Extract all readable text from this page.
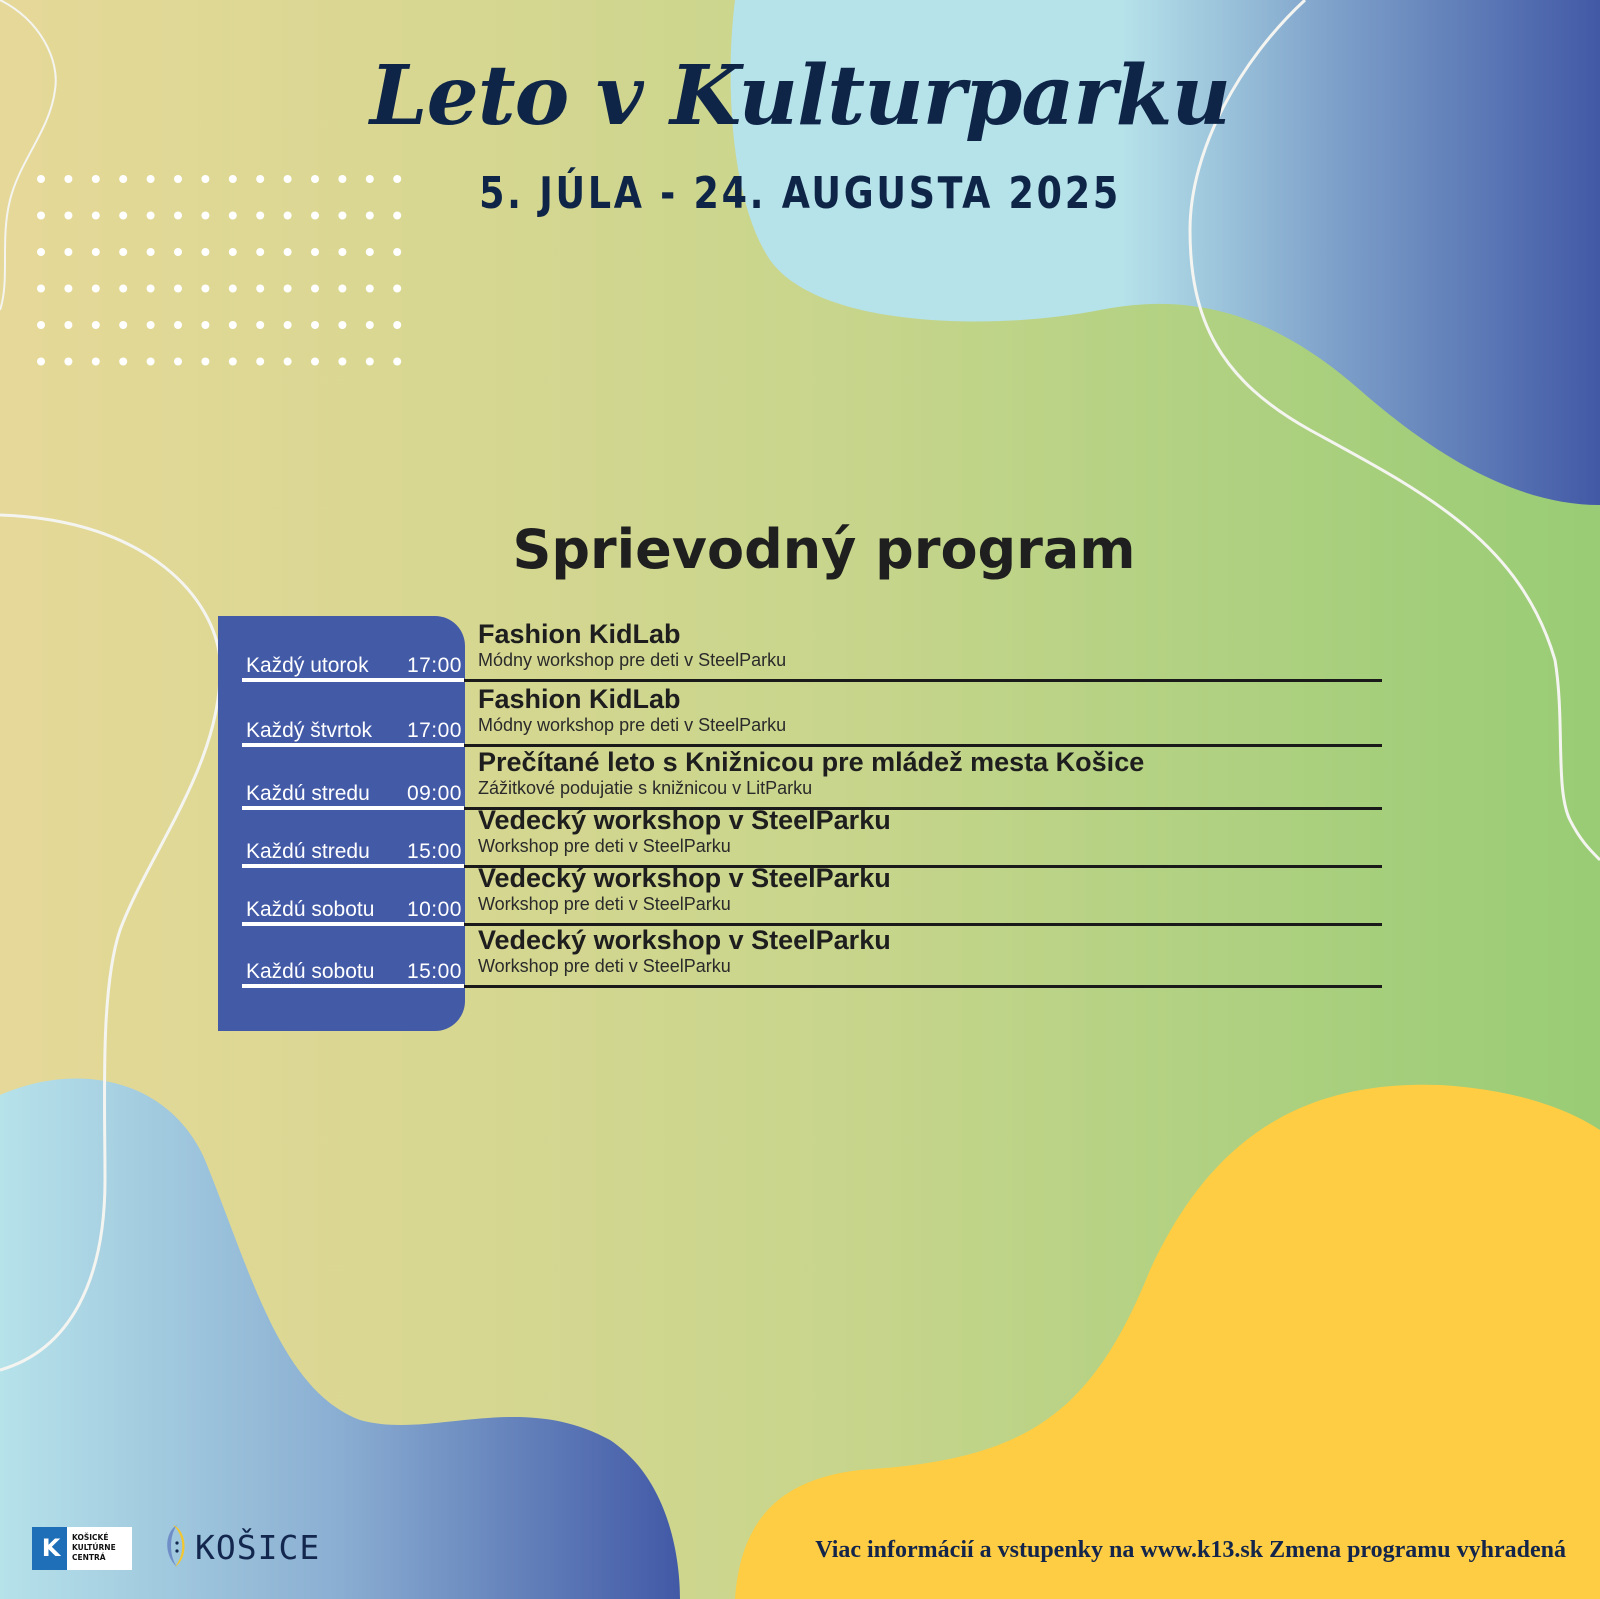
Leto v Kulturparku
5. JÚLA - 24. AUGUSTA 2025
Sprievodný program
Každý utorok 17:00
Fashion KidLab
Módny workshop pre deti v SteelParku
Každý štvrtok 17:00
Fashion KidLab
Módny workshop pre deti v SteelParku
Každú stredu 09:00
Prečítané leto s Knižnicou pre mládež mesta Košice
Zážitkové podujatie s knižnicou v LitParku
Každú stredu 15:00
Vedecký workshop v SteelParku
Workshop pre deti v SteelParku
Každú sobotu 10:00
Vedecký workshop v SteelParku
Workshop pre deti v SteelParku
Každú sobotu 15:00
Vedecký workshop v SteelParku
Workshop pre deti v SteelParku
K	KOŠICKÉ
KULTÚRNE
CENTRÁ	KOŠICE	Viac informácií a vstupenky na www.k13.sk Zmena programu vyhradená
